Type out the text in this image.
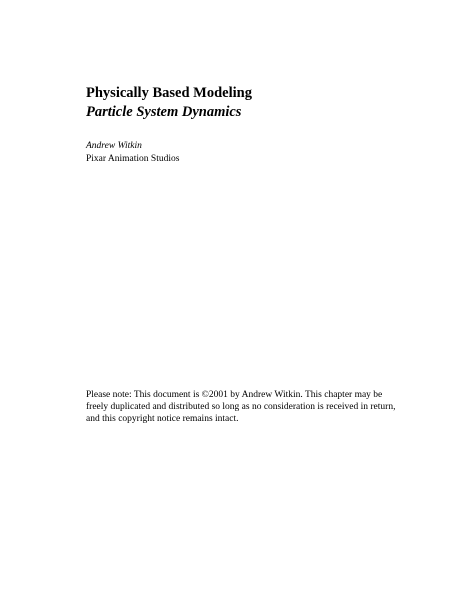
Physically Based Modeling

Particle System Dynamics

Andrew Witkin

Pixar Animation Studios

Please note: This document is ©2001 by Andrew Witkin. This chapter may be
freely duplicated and distributed so long as no consideration is received in return,
and this copyright notice remains intact.
